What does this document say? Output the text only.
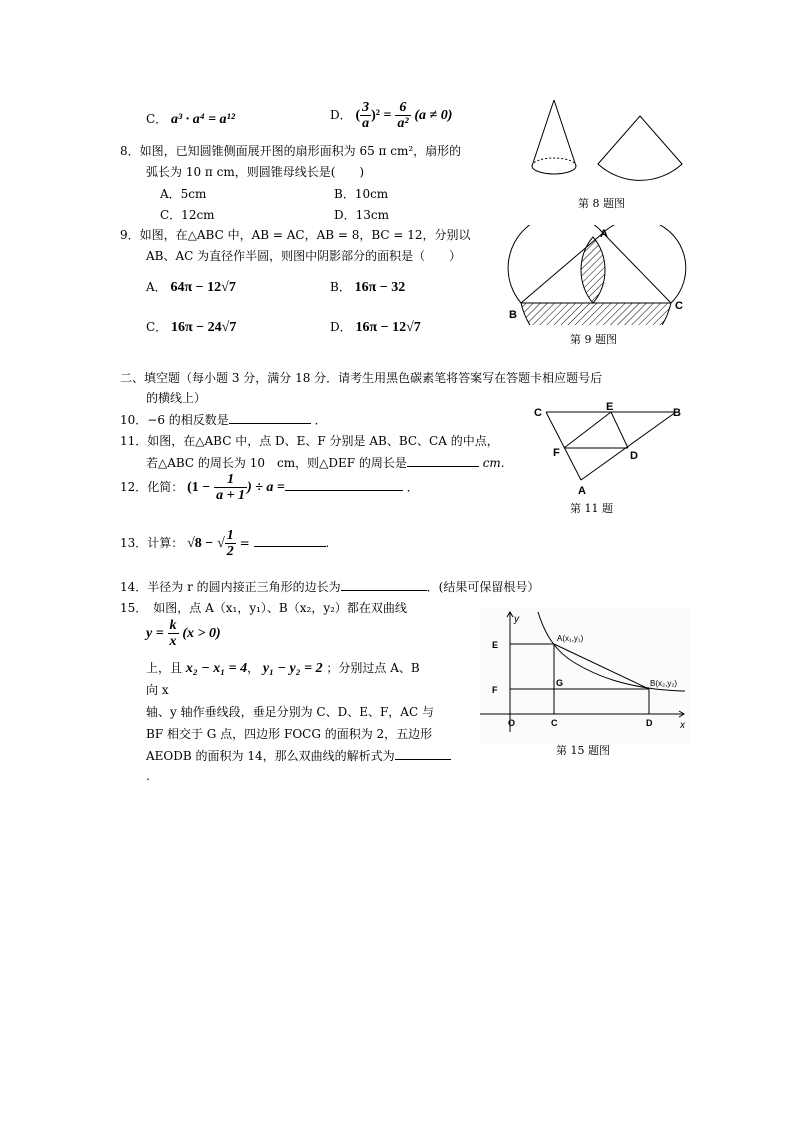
C． a³ · a⁴ = a¹²	D． ( $\frac{3}{a} )^2 = \frac{6}{\text{a²}} (a \ne 0)$
8．如图，已知圆锥侧面展开图的扇形面积为 65 π cm²，扇形的
弧长为 10 π cm，则圆锥母线长是(　　)
A．5cm	B．10cm
C．12cm	D．13cm
第 8 题图
9．如图，在△ABC 中，AB = AC，AB = 8，BC = 12，分别以
AB、AC 为直径作半圆，则图中阴影部分的面积是（　　）
A． 64π − 12√7	B． 16π − 32
C． 16π − 24√7	D． 16π − 12√7
A
B
C
第 9 题图
二、填空题（每小题 3 分，满分 18 分．请考生用黑色碳素笔将答案写在答题卡相应题号后
的横线上）
10．−6 的相反数是	．
11．如图，在△ABC 中，点 D、E、F 分别是 AB、BC、CA 的中点，
若△ABC 的周长为 10　cm，则△DEF 的周长是	cm.
C	E	B
F	D
A
第 11 题
12．化简： ($1 - \frac{1}{a + 1}$ ) ÷ a =	．
13．计算： √8 − √ $\frac{1}{2}$ =	.
14．半径为 r 的圆内接正三角形的边长为	．(结果可保留根号）
15．　如图，点 A（x₁，y₁）、B（x₂，y₂）都在双曲线
$y = \frac{k}{x} (x > 0)$
上，且 x₂ − x₁ = 4， y₁ − y₂ = 2 ；分别过点 A、B
向 x
轴、y 轴作垂线段，垂足分别为 C、D、E、F，AC 与
BF 相交于 G 点，四边形 FOCG 的面积为 2，五边形
AEODB 的面积为 14，那么双曲线的解析式为
.
y
x
E
F
O	C	D
G
A(x₁,y₁)
B(x₂,y₂)
第 15 题图
